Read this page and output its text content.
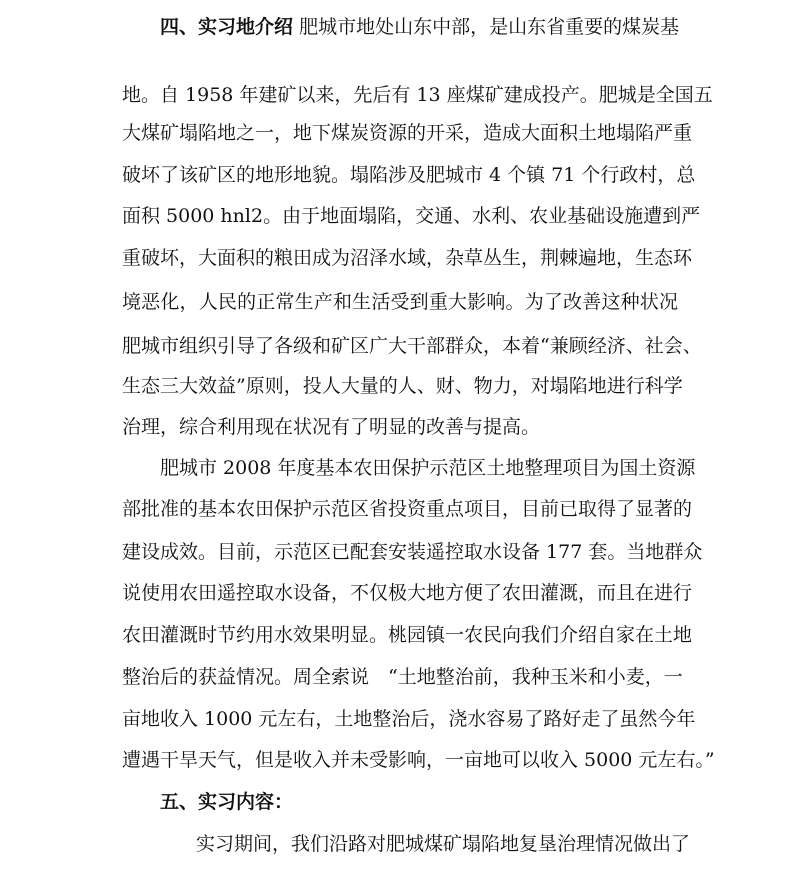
四、实习地介绍 肥城市地处山东中部，是山东省重要的煤炭基
地。自 1958 年建矿以来，先后有 13 座煤矿建成投产。肥城是全国五
大煤矿塌陷地之一，地下煤炭资源的开采，造成大面积土地塌陷严重
破坏了该矿区的地形地貌。塌陷涉及肥城市 4 个镇 71 个行政村，总
面积 5000 hnl2。由于地面塌陷，交通、水利、农业基础设施遭到严
重破坏，大面积的粮田成为沼泽水域，杂草丛生，荆棘遍地，生态环
境恶化，人民的正常生产和生活受到重大影响。为了改善这种状况
肥城市组织引导了各级和矿区广大干部群众，本着“兼顾经济、社会、
生态三大效益”原则，投人大量的人、财、物力，对塌陷地进行科学
治理，综合利用现在状况有了明显的改善与提高。
肥城市 2008 年度基本农田保护示范区土地整理项目为国土资源
部批准的基本农田保护示范区省投资重点项目，目前已取得了显著的
建设成效。目前，示范区已配套安装遥控取水设备 177 套。当地群众
说使用农田遥控取水设备，不仅极大地方便了农田灌溉，而且在进行
农田灌溉时节约用水效果明显。桃园镇一农民向我们介绍自家在土地
整治后的获益情况。周全索说　“土地整治前，我种玉米和小麦，一
亩地收入 1000 元左右，土地整治后，浇水容易了路好走了虽然今年
遭遇干旱天气，但是收入并未受影响，一亩地可以收入 5000 元左右。”
五、实习内容：
实习期间，我们沿路对肥城煤矿塌陷地复垦治理情况做出了
